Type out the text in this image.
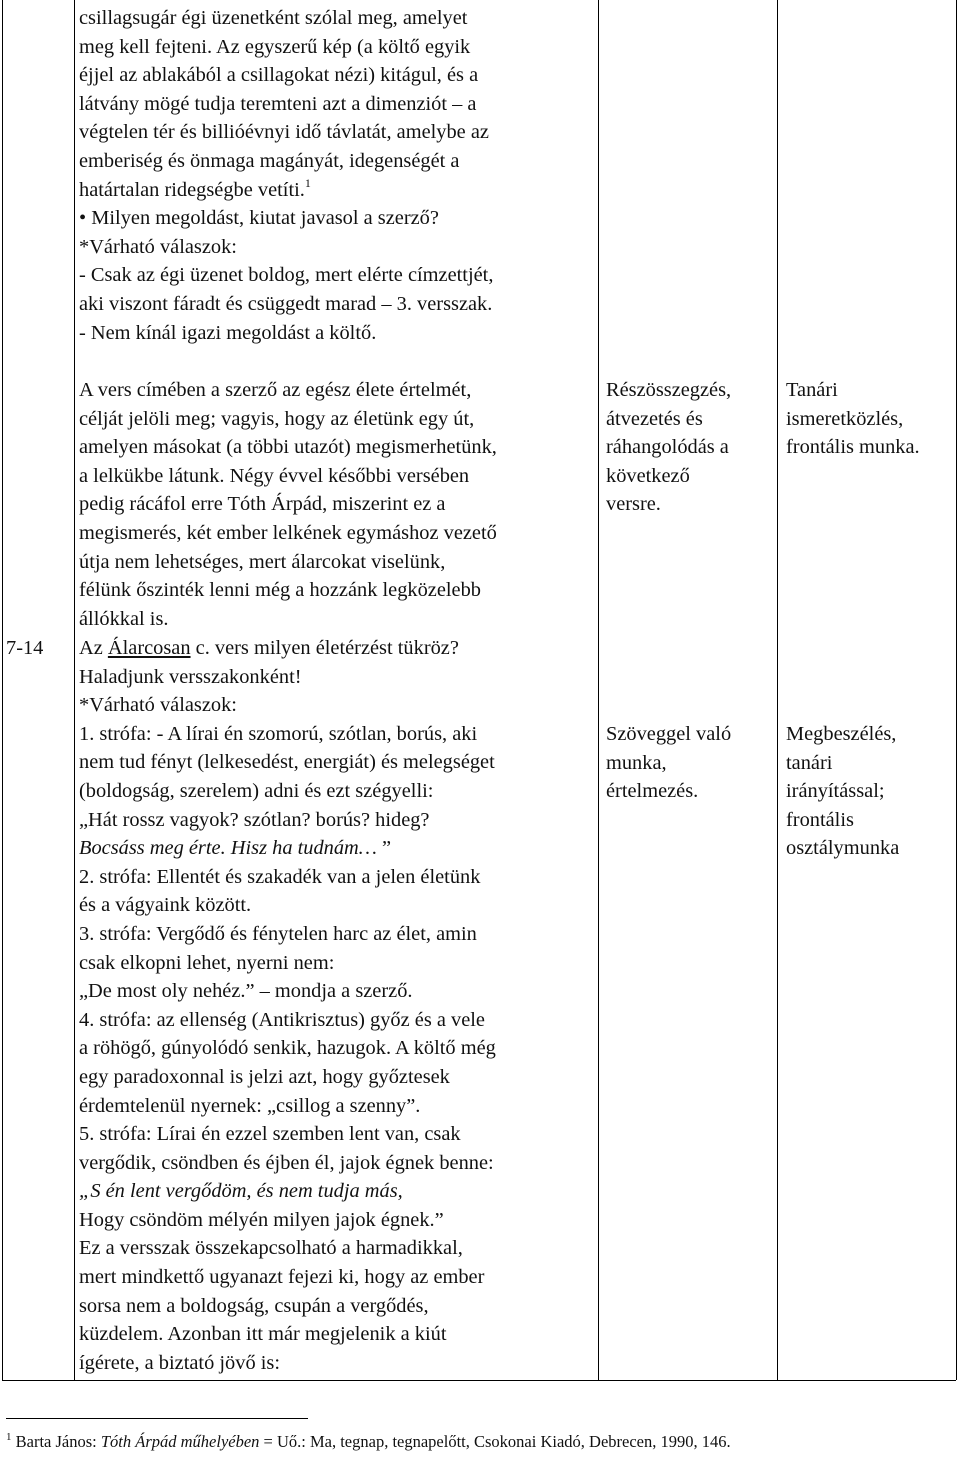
csillagsugár égi üzenetként szólal meg, amelyet

meg kell fejteni. Az egyszerű kép (a költő egyik

éjjel az ablakából a csillagokat nézi) kitágul, és a

látvány mögé tudja teremteni azt a dimenziót – a

végtelen tér és billióévnyi idő távlatát, amelybe az

emberiség és önmaga magányát, idegenségét a

határtalan ridegségbe vetíti.$^1$

• Milyen megoldást, kiutat javasol a szerző?

*Várható válaszok:

- Csak az égi üzenet boldog, mert elérte címzettjét,

aki viszont fáradt és csüggedt marad – 3. versszak.

- Nem kínál igazi megoldást a költő.

A vers címében a szerző az egész élete értelmét,

célját jelöli meg; vagyis, hogy az életünk egy út,

amelyen másokat (a többi utazót) megismerhetünk,

a lelkükbe látunk. Négy évvel későbbi versében

pedig rácáfol erre Tóth Árpád, miszerint ez a

megismerés, két ember lelkének egymáshoz vezető

útja nem lehetséges, mert álarcokat viselünk,

félünk őszinték lenni még a hozzánk legközelebb

állókkal is.

Részösszegzés,

átvezetés és

ráhangolódás a

következő

versre.

Tanári

ismeretközlés,

frontális munka.

7-14	Az Álarcosan c. vers milyen életérzést tükröz?

Haladjunk versszakonként!

*Várható válaszok:

1. strófa: - A lírai én szomorú, szótlan, borús, aki

nem tud fényt (lelkesedést, energiát) és melegséget

(boldogság, szerelem) adni és ezt szégyelli:

„Hát rossz vagyok? szótlan? borús? hideg?

Bocsáss meg érte. Hisz ha tudnám… ”

2. strófa: Ellentét és szakadék van a jelen életünk

és a vágyaink között.

3. strófa: Vergődő és fénytelen harc az élet, amin

csak elkopni lehet, nyerni nem:

„De most oly nehéz.” – mondja a szerző.

4. strófa: az ellenség (Antikrisztus) győz és a vele

a röhögő, gúnyolódó senkik, hazugok. A költő még

egy paradoxonnal is jelzi azt, hogy győztesek

érdemtelenül nyernek: „csillog a szenny”.

5. strófa: Lírai én ezzel szemben lent van, csak

vergődik, csöndben és éjben él, jajok égnek benne:

„S én lent vergődöm, és nem tudja más,

Hogy csöndöm mélyén milyen jajok égnek.”

Ez a versszak összekapcsolható a harmadikkal,

mert mindkettő ugyanazt fejezi ki, hogy az ember

sorsa nem a boldogság, csupán a vergődés,

küzdelem. Azonban itt már megjelenik a kiút

ígérete, a biztató jövő is:

Szöveggel való

munka,

értelmezés.

Megbeszélés,

tanári

irányítással;

frontális

osztálymunka

$^1$ Barta János: Tóth Árpád műhelyében = Uő.: Ma, tegnap, tegnapelőtt, Csokonai Kiadó, Debrecen, 1990, 146.
